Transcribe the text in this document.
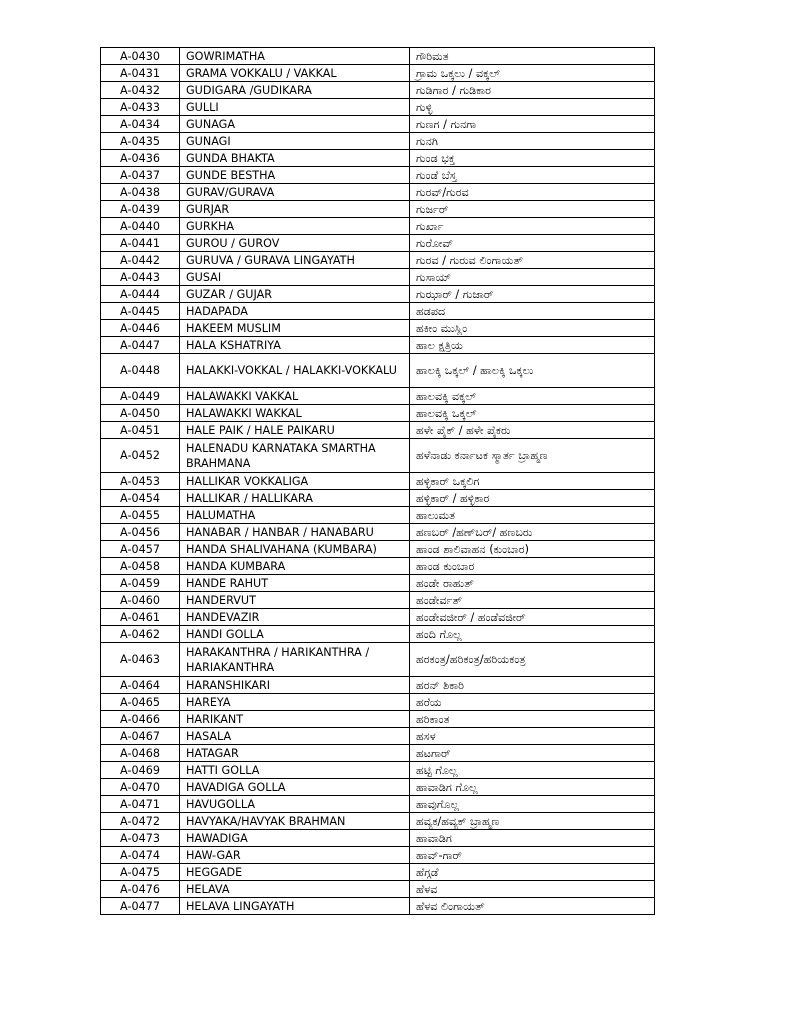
A-0430	GOWRIMATHA	ಗೌರಿಮತ
A-0431	GRAMA VOKKALU / VAKKAL	ಗ್ರಾಮ ಒಕ್ಕಲು / ವಕ್ಕಲ್
A-0432	GUDIGARA /GUDIKARA	ಗುಡಿಗಾರ / ಗುಡಿಕಾರ
A-0433	GULLI	ಗುಳ್ಳಿ
A-0434	GUNAGA	ಗುಣಗ / ಗುನಗಾ
A-0435	GUNAGI	ಗುನಗಿ
A-0436	GUNDA BHAKTA	ಗುಂಡ ಭಕ್ತ
A-0437	GUNDE BESTHA	ಗುಂಡೆ ಬೆಸ್ತ
A-0438	GURAV/GURAVA	ಗುರವ್/ಗುರವ
A-0439	GURJAR	ಗುರ್ಜರ್
A-0440	GURKHA	ಗುರ್ಖಾ
A-0441	GUROU / GUROV	ಗುರೋವ್
A-0442	GURUVA / GURAVA LINGAYATH	ಗುರವ / ಗುರುವ ಲಿಂಗಾಯತ್
A-0443	GUSAI	ಗುಸಾಯ್
A-0444	GUZAR / GUJAR	ಗುಝಾರ್ / ಗುಜಾರ್
A-0445	HADAPADA	ಹಡಪದ
A-0446	HAKEEM MUSLIM	ಹಕೀಂ ಮುಸ್ಲಿಂ
A-0447	HALA KSHATRIYA	ಹಾಲ ಕ್ಷತ್ರಿಯ
A-0448	HALAKKI-VOKKAL / HALAKKI-VOKKALU	ಹಾಲಕ್ಕಿ ಒಕ್ಕಲ್ / ಹಾಲಕ್ಕಿ ಒಕ್ಕಲು
A-0449	HALAWAKKI VAKKAL	ಹಾಲವಕ್ಕಿ ವಕ್ಕಲ್
A-0450	HALAWAKKI WAKKAL	ಹಾಲವಕ್ಕಿ ಒಕ್ಕಲ್
A-0451	HALE PAIK / HALE PAIKARU	ಹಳೇ ಪೈಕ್ / ಹಳೇ ಪೈಕರು
A-0452	HALENADU KARNATAKA SMARTHA BRAHMANA	ಹಳೆನಾಡು ಕರ್ನಾಟಕ ಸ್ಮಾರ್ತ ಬ್ರಾಹ್ಮಣ
A-0453	HALLIKAR VOKKALIGA	ಹಳ್ಳಿಕಾರ್ ಒಕ್ಕಲಿಗ
A-0454	HALLIKAR / HALLIKARA	ಹಳ್ಳಿಕಾರ್ / ಹಳ್ಳಿಕಾರ
A-0455	HALUMATHA	ಹಾಲುಮತ
A-0456	HANABAR / HANBAR / HANABARU	ಹಣಬರ್ /ಹಣ್‌ಬರ್/ ಹಣಬರು
A-0457	HANDA SHALIVAHANA (KUMBARA)	ಹಾಂಡ ಶಾಲಿವಾಹನ (ಕುಂಬಾರ)
A-0458	HANDA KUMBARA	ಹಾಂಡ ಕುಂಬಾರ
A-0459	HANDE RAHUT	ಹಂಡೇ ರಾಹುತ್
A-0460	HANDERVUT	ಹಂಡೇರ್ವತ್
A-0461	HANDEVAZIR	ಹಂಡೇವಜೀರ್ / ಹಂಡೆವಜೀರ್
A-0462	HANDI GOLLA	ಹಂದಿ ಗೊಲ್ಲ
A-0463	HARAKANTHRA / HARIKANTHRA / HARIAKANTHRA	ಹರಕಂತ್ರ/ಹರಿಕಂತ್ರ/ಹರಿಯಕಂತ್ರ
A-0464	HARANSHIKARI	ಹರನ್ ಶಿಕಾರಿ
A-0465	HAREYA	ಹರೆಯ
A-0466	HARIKANT	ಹರಿಕಾಂತ
A-0467	HASALA	ಹಸಳ
A-0468	HATAGAR	ಹಟಗಾರ್
A-0469	HATTI GOLLA	ಹಟ್ಟಿ ಗೊಲ್ಲ
A-0470	HAVADIGA GOLLA	ಹಾವಾಡಿಗ ಗೊಲ್ಲ
A-0471	HAVUGOLLA	ಹಾವುಗೊಲ್ಲ
A-0472	HAVYAKA/HAVYAK BRAHMAN	ಹವ್ಯಕ/ಹವ್ಯಕ್ ಬ್ರಾಹ್ಮಣ
A-0473	HAWADIGA	ಹಾವಾಡಿಗ
A-0474	HAW-GAR	ಹಾವ್-ಗಾರ್
A-0475	HEGGADE	ಹೆಗ್ಗಡೆ
A-0476	HELAVA	ಹೆಳವ
A-0477	HELAVA LINGAYATH	ಹೆಳವ ಲಿಂಗಾಯತ್
